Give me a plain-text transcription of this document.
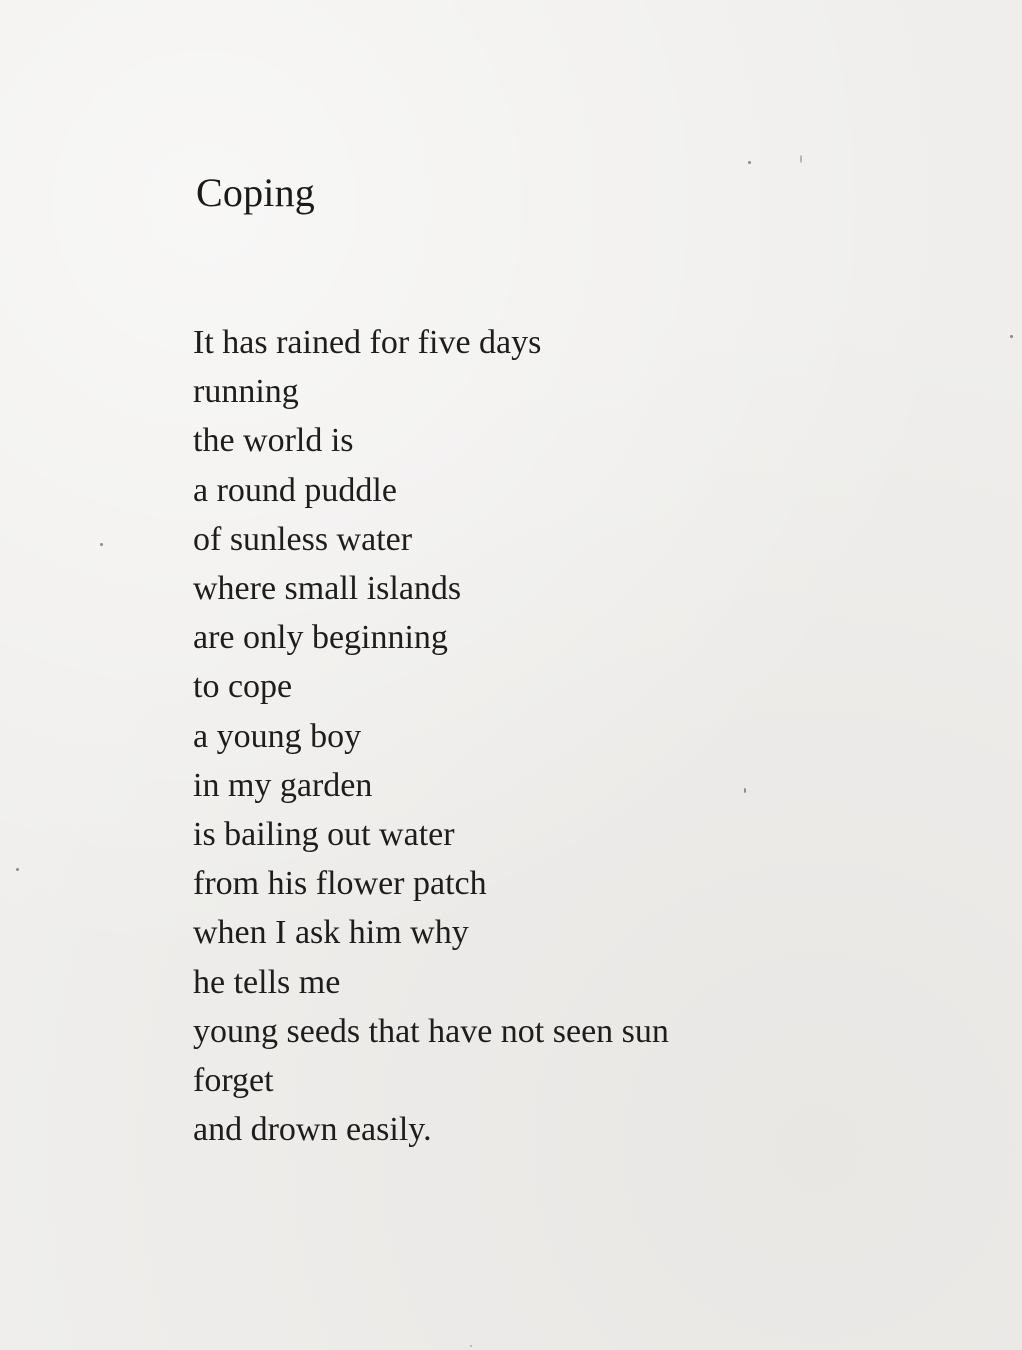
Coping
It has rained for five days
running
the world is
a round puddle
of sunless water
where small islands
are only beginning
to cope
a young boy
in my garden
is bailing out water
from his flower patch
when I ask him why
he tells me
young seeds that have not seen sun
forget
and drown easily.
